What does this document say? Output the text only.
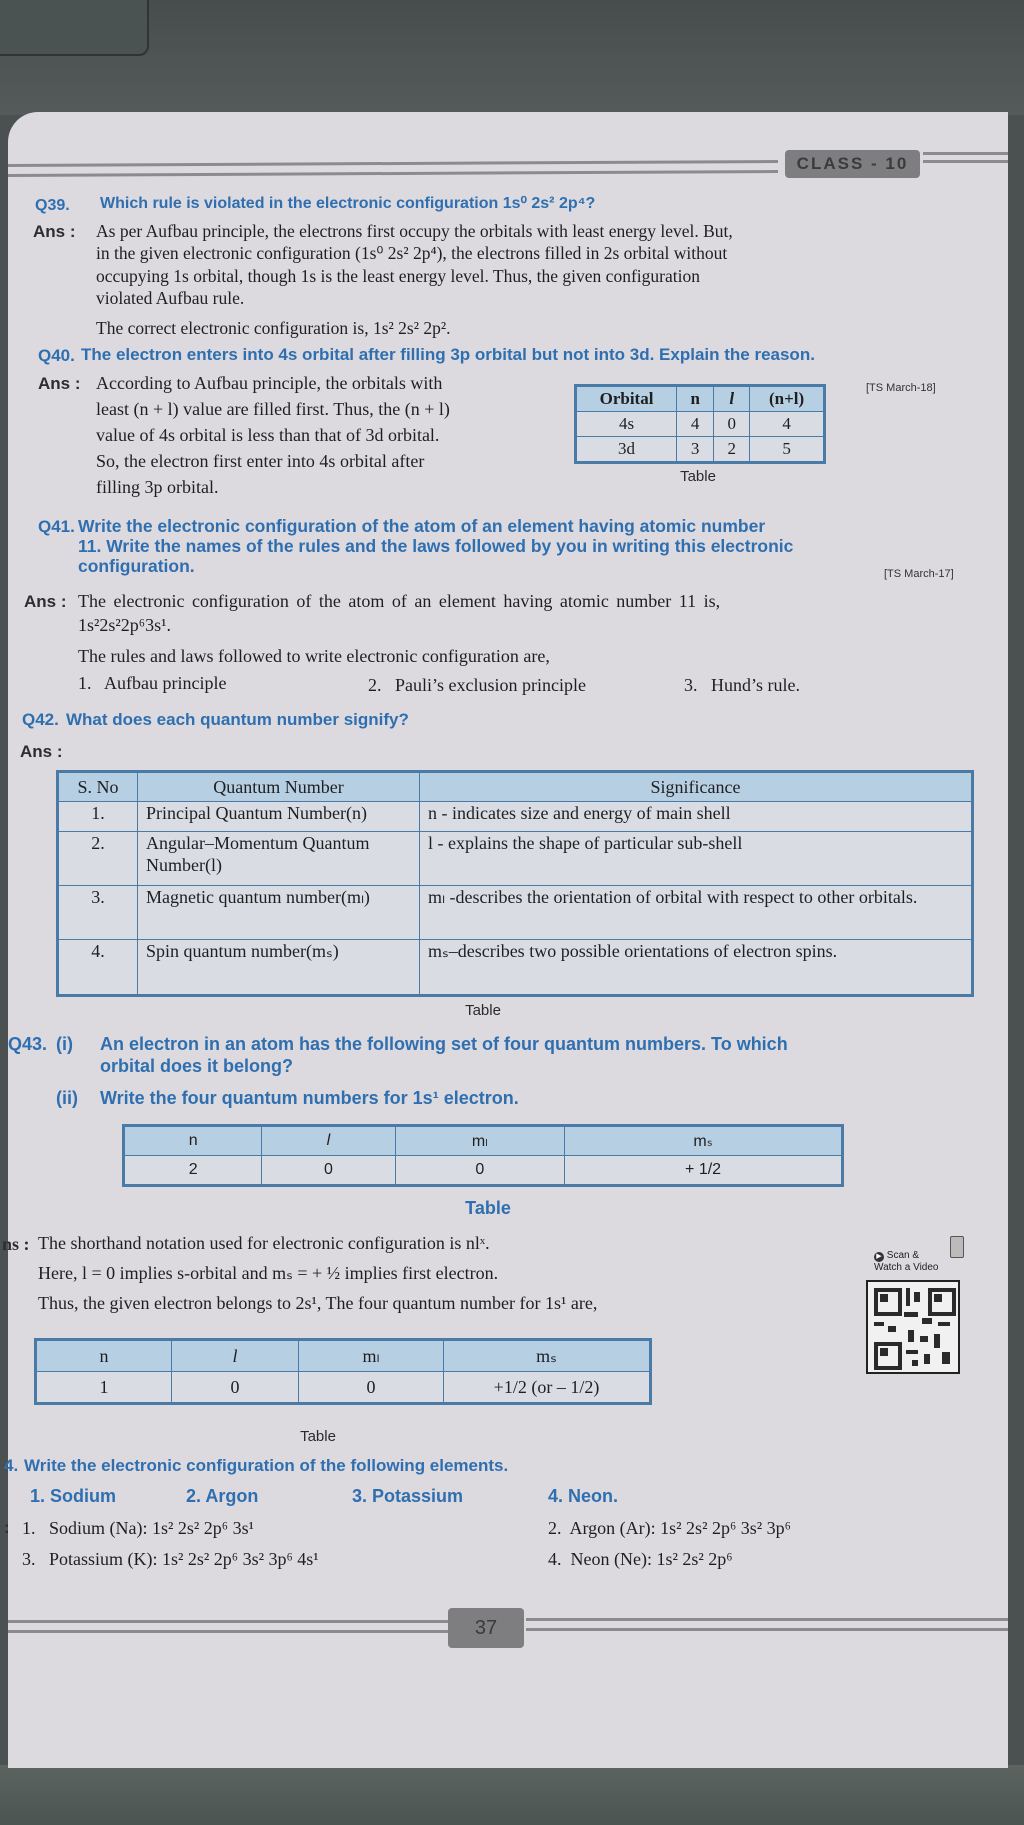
CLASS - 10
Q39. Which rule is violated in the electronic configuration 1s⁰ 2s² 2p⁴?
Ans : As per Aufbau principle, the electrons first occupy the orbitals with least energy level. But,
in the given electronic configuration (1s⁰ 2s² 2p⁴), the electrons filled in 2s orbital without
occupying 1s orbital, though 1s is the least energy level. Thus, the given configuration
violated Aufbau rule.
The correct electronic configuration is, 1s² 2s² 2p².
Q40. The electron enters into 4s orbital after filling 3p orbital but not into 3d. Explain the reason.
Ans : According to Aufbau principle, the orbitals with
least (n + l) value are filled first. Thus, the (n + l)
value of 4s orbital is less than that of 3d orbital.
So, the electron first enter into 4s orbital after
filling 3p orbital.
[TS March-18]
Orbital	n	l	(n+l)
4s	4	0	4
3d	3	2	5
Table
Q41. Write the electronic configuration of the atom of an element having atomic number
11. Write the names of the rules and the laws followed by you in writing this electronic
configuration.	[TS March-17]
Ans : The electronic configuration of the atom of an element having atomic number 11 is,
1s²2s²2p⁶3s¹.
The rules and laws followed to write electronic configuration are,
1.   Aufbau principle	2.   Pauli’s exclusion principle	3.   Hund’s rule.
Q42. What does each quantum number signify?
Ans :
S. No	Quantum Number	Significance
1.	Principal Quantum Number(n)	n - indicates size and energy of main shell
2.	Angular–Momentum Quantum Number(l)	l - explains the shape of particular sub-shell
3.	Magnetic quantum number(mₗ)	mₗ -describes the orientation of orbital with respect to other orbitals.
4.	Spin quantum number(mₛ)	mₛ–describes two possible orientations of electron spins.
Table
Q43. (i) An electron in an atom has the following set of four quantum numbers. To which
orbital does it belong?
(ii) Write the four quantum numbers for 1s¹ electron.
n	l	mₗ	mₛ
2	0	0	+ 1/2
Table
ns : The shorthand notation used for electronic configuration is nlˣ.
Here, l = 0 implies s-orbital and mₛ = + ½ implies first electron.
Thus, the given electron belongs to 2s¹, The four quantum number for 1s¹ are,
n	l	mₗ	mₛ
1	0	0	+1/2 (or – 1/2)
Table
▶ Scan &
Watch a Video
4. Write the electronic configuration of the following elements.
1. Sodium	2. Argon	3. Potassium	4. Neon.
: 1.   Sodium (Na): 1s² 2s² 2p⁶ 3s¹	2.  Argon (Ar): 1s² 2s² 2p⁶ 3s² 3p⁶
3.   Potassium (K): 1s² 2s² 2p⁶ 3s² 3p⁶ 4s¹	4.  Neon (Ne): 1s² 2s² 2p⁶
37
